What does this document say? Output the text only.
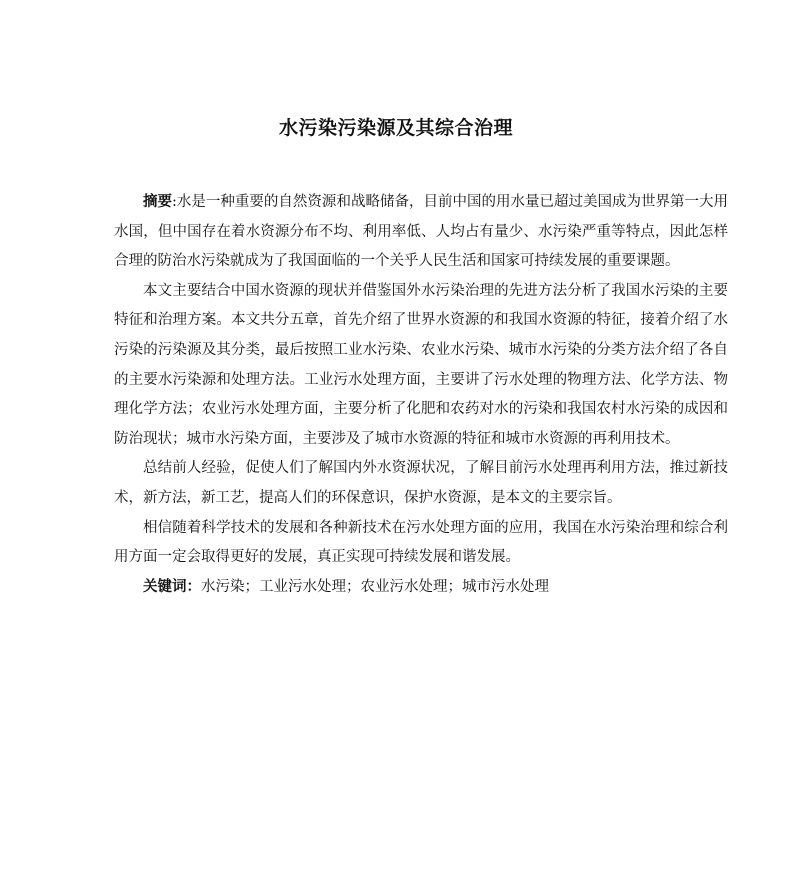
水污染污染源及其综合治理

摘要:水是一种重要的自然资源和战略储备，目前中国的用水量已超过美国成为世界第一大用水国，但中国存在着水资源分布不均、利用率低、人均占有量少、水污染严重等特点，因此怎样合理的防治水污染就成为了我国面临的一个关乎人民生活和国家可持续发展的重要课题。

本文主要结合中国水资源的现状并借鉴国外水污染治理的先进方法分析了我国水污染的主要特征和治理方案。本文共分五章，首先介绍了世界水资源的和我国水资源的特征，接着介绍了水污染的污染源及其分类，最后按照工业水污染、农业水污染、城市水污染的分类方法介绍了各自的主要水污染源和处理方法。工业污水处理方面，主要讲了污水处理的物理方法、化学方法、物理化学方法；农业污水处理方面，主要分析了化肥和农药对水的污染和我国农村水污染的成因和防治现状；城市水污染方面，主要涉及了城市水资源的特征和城市水资源的再利用技术。

总结前人经验，促使人们了解国内外水资源状况，了解目前污水处理再利用方法，推过新技术，新方法，新工艺，提高人们的环保意识，保护水资源，是本文的主要宗旨。

相信随着科学技术的发展和各种新技术在污水处理方面的应用，我国在水污染治理和综合利用方面一定会取得更好的发展，真正实现可持续发展和谐发展。

关键词：水污染；工业污水处理；农业污水处理；城市污水处理
